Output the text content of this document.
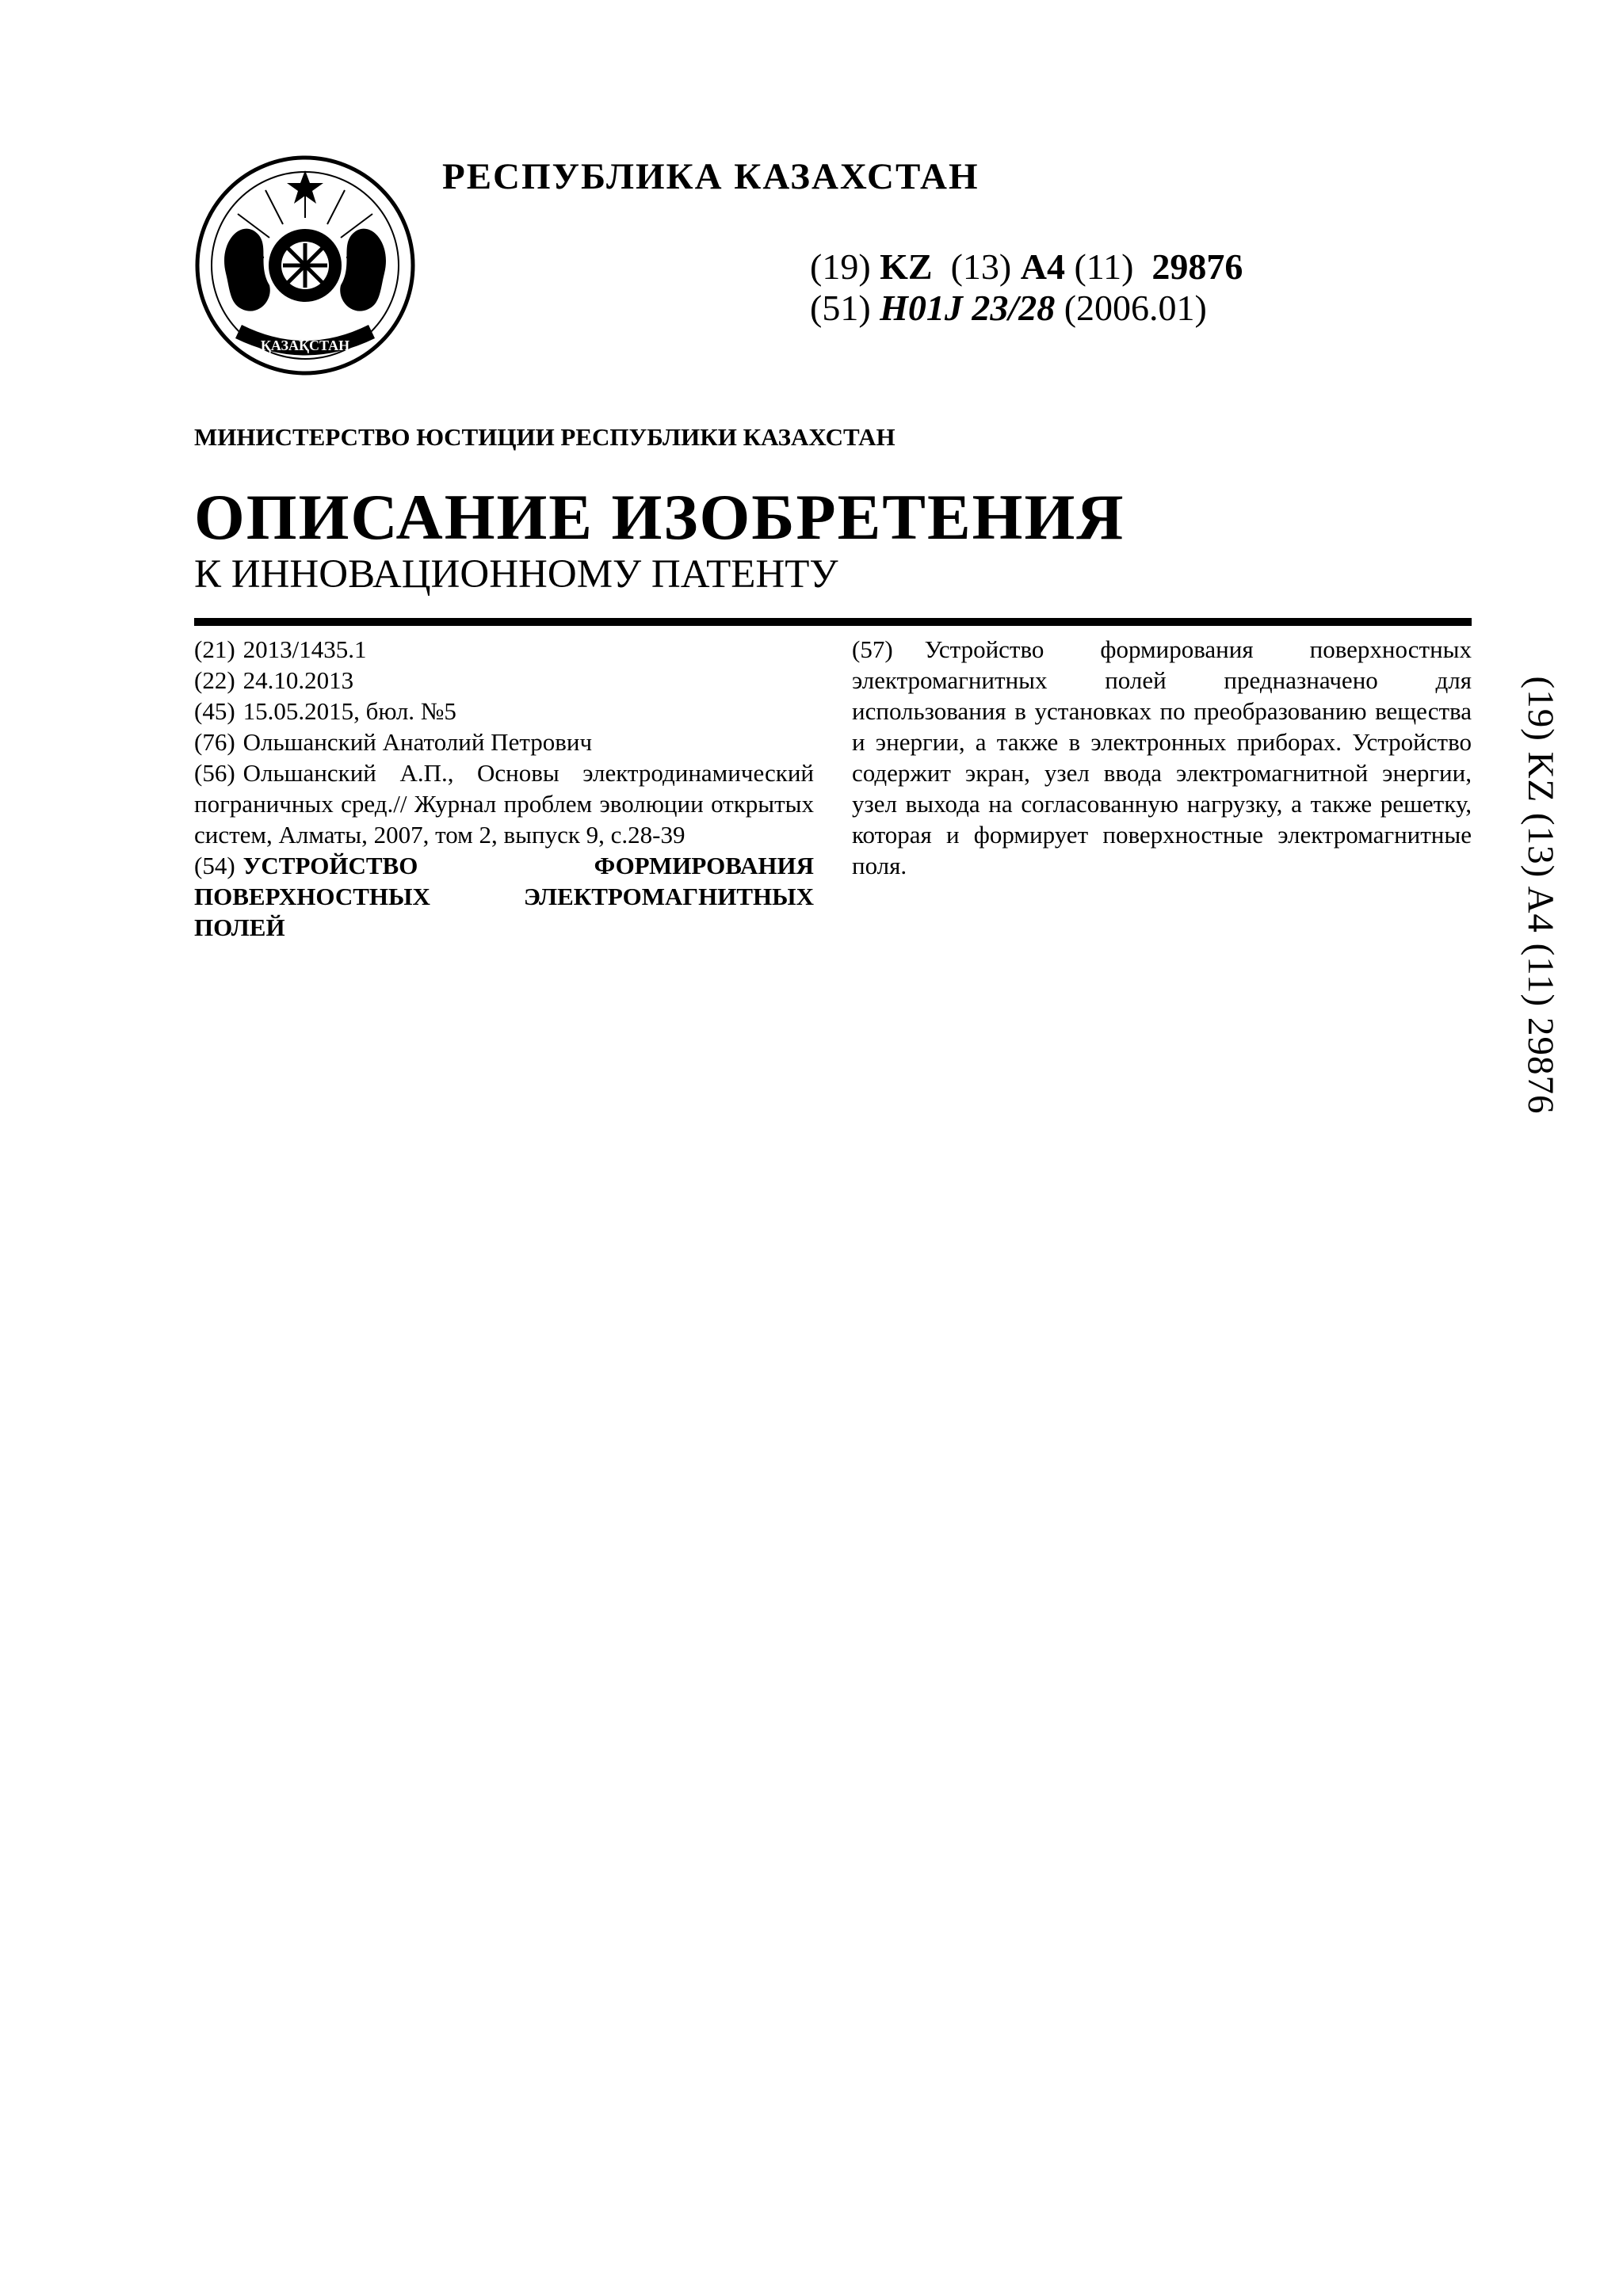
ҚАЗАҚСТАН
РЕСПУБЛИКА КАЗАХСТАН
(19) KZ (13) A4 (11) 29876
(51) H01J 23/28 (2006.01)
МИНИСТЕРСТВО ЮСТИЦИИ РЕСПУБЛИКИ КАЗАХСТАН
ОПИСАНИЕ ИЗОБРЕТЕНИЯ
К ИННОВАЦИОННОМУ ПАТЕНТУ

(21) 2013/1435.1

(22) 24.10.2013

(45) 15.05.2015, бюл. №5

(76) Ольшанский Анатолий Петрович

(56) Ольшанский А.П., Основы электродинамический пограничных сред.// Журнал проблем эволюции открытых систем, Алматы, 2007, том 2, выпуск 9, с.28-39

(54) УСТРОЙСТВО ФОРМИРОВАНИЯ ПОВЕРХНОСТНЫХ ЭЛЕКТРОМАГНИТНЫХ ПОЛЕЙ

(57) Устройство формирования поверхностных электромагнитных полей предназначено для использования в установках по преобразованию вещества и энергии, а также в электронных приборах. Устройство содержит экран, узел ввода электромагнитной энергии, узел выхода на согласованную нагрузку, а также решетку, которая и формирует поверхностные электромагнитные поля.	(19) KZ (13) A4 (11) 29876
